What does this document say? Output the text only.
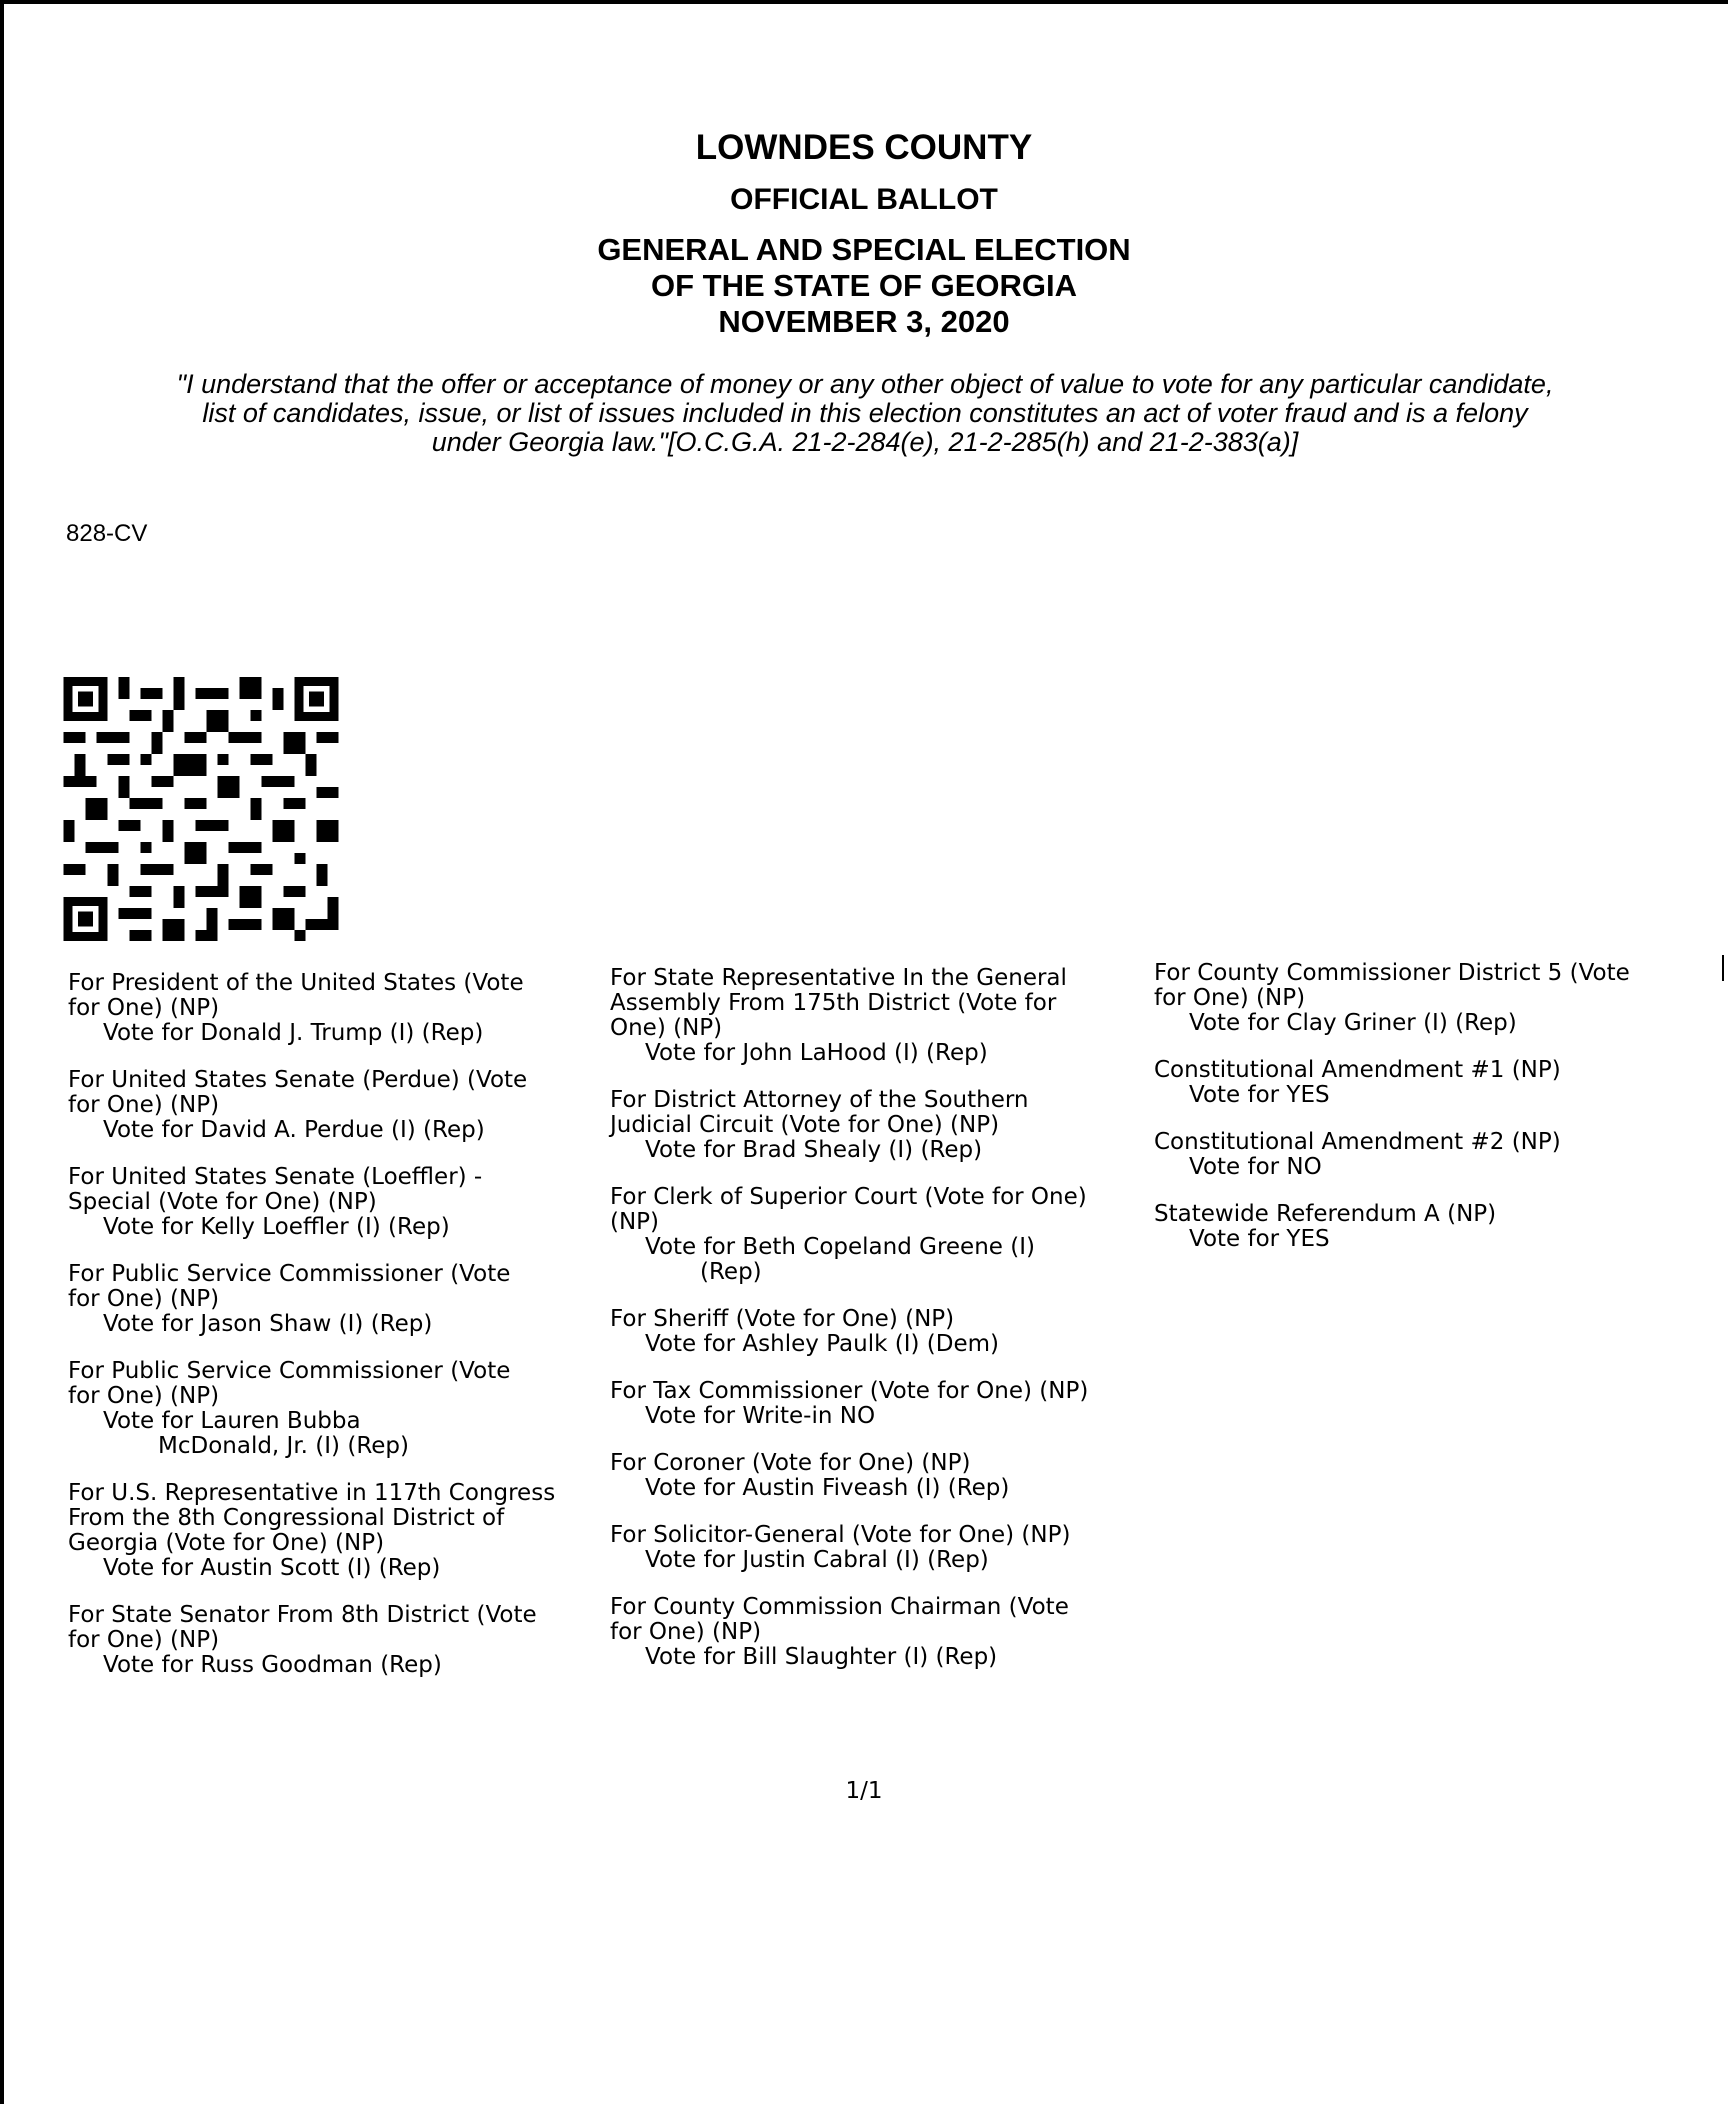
LOWNDES COUNTY
OFFICIAL BALLOT
GENERAL AND SPECIAL ELECTION
OF THE STATE OF GEORGIA
NOVEMBER 3, 2020
"I understand that the offer or acceptance of money or any other object of value to vote for any particular candidate,
list of candidates, issue, or list of issues included in this election constitutes an act of voter fraud and is a felony
under Georgia law."[O.C.G.A. 21-2-284(e), 21-2-285(h) and 21-2-383(a)]
828-CV
For President of the United States (Vote
for One) (NP)
Vote for Donald J. Trump (I) (Rep)
For United States Senate (Perdue) (Vote
for One) (NP)
Vote for David A. Perdue (I) (Rep)
For United States Senate (Loeffler) -
Special (Vote for One) (NP)
Vote for Kelly Loeffler (I) (Rep)
For Public Service Commissioner (Vote
for One) (NP)
Vote for Jason Shaw (I) (Rep)
For Public Service Commissioner (Vote
for One) (NP)
Vote for Lauren Bubba
McDonald, Jr. (I) (Rep)
For U.S. Representative in 117th Congress
From the 8th Congressional District of
Georgia (Vote for One) (NP)
Vote for Austin Scott (I) (Rep)
For State Senator From 8th District (Vote
for One) (NP)
Vote for Russ Goodman (Rep)
For State Representative In the General
Assembly From 175th District (Vote for
One) (NP)
Vote for John LaHood (I) (Rep)
For District Attorney of the Southern
Judicial Circuit (Vote for One) (NP)
Vote for Brad Shealy (I) (Rep)
For Clerk of Superior Court (Vote for One)
(NP)
Vote for Beth Copeland Greene (I)
(Rep)
For Sheriff (Vote for One) (NP)
Vote for Ashley Paulk (I) (Dem)
For Tax Commissioner (Vote for One) (NP)
Vote for Write-in NO
For Coroner (Vote for One) (NP)
Vote for Austin Fiveash (I) (Rep)
For Solicitor-General (Vote for One) (NP)
Vote for Justin Cabral (I) (Rep)
For County Commission Chairman (Vote
for One) (NP)
Vote for Bill Slaughter (I) (Rep)
For County Commissioner District 5 (Vote
for One) (NP)
Vote for Clay Griner (I) (Rep)
Constitutional Amendment #1 (NP)
Vote for YES
Constitutional Amendment #2 (NP)
Vote for NO
Statewide Referendum A (NP)
Vote for YES
1/1
